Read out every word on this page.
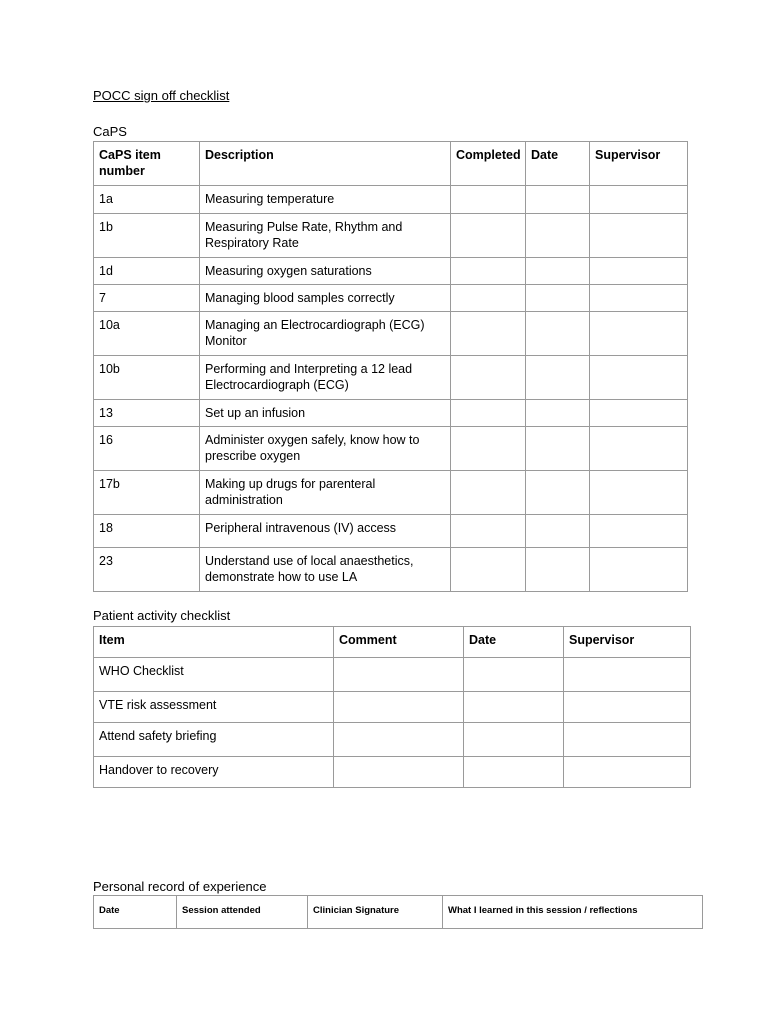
POCC sign off checklist
CaPS
CaPS item number	Description	Completed	Date	Supervisor
1a	Measuring temperature			
1b	Measuring Pulse Rate, Rhythm and Respiratory Rate			
1d	Measuring oxygen saturations			
7	Managing blood samples correctly			
10a	Managing an Electrocardiograph (ECG) Monitor			
10b	Performing and Interpreting a 12 lead Electrocardiograph (ECG)			
13	Set up an infusion			
16	Administer oxygen safely, know how to prescribe oxygen			
17b	Making up drugs for parenteral administration			
18	Peripheral intravenous (IV) access			
23	Understand use of local anaesthetics, demonstrate how to use LA			
Patient activity checklist
Item	Comment	Date	Supervisor
WHO Checklist			
VTE risk assessment			
Attend safety briefing			
Handover to recovery			
Personal record of experience
Date	Session attended	Clinician Signature	What I learned in this session / reflections
